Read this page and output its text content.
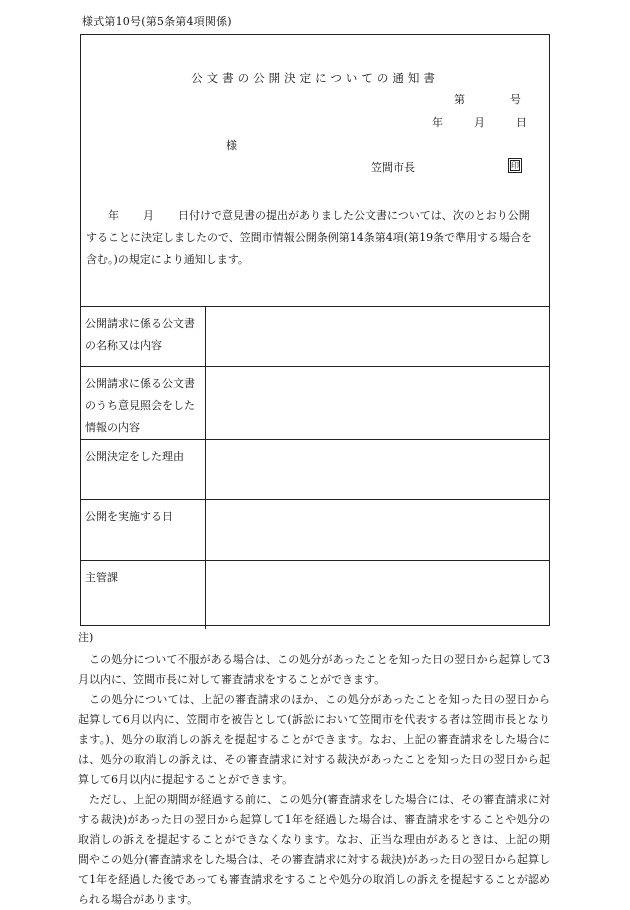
様式第10号(第5条第4項関係)
公文書の公開決定についての通知書
第	号
年	月	日
様
笠間市長	印

年 月 日付けで意見書の提出がありました公文書については、次のとおり公開

することに決定しましたので、笠間市情報公開条例第14条第4項(第19条で準用する場合を

含む。)の規定により通知します。

公開請求に係る公文書の名称又は内容	
公開請求に係る公文書のうち意見照会をした情報の内容	
公開決定をした理由	
公開を実施する日	
主管課	
注)

この処分について不服がある場合は、この処分があったことを知った日の翌日から起算して3月以内に、笠間市長に対して審査請求をすることができます。

この処分については、上記の審査請求のほか、この処分があったことを知った日の翌日から起算して6月以内に、笠間市を被告として(訴訟において笠間市を代表する者は笠間市長となります。)、処分の取消しの訴えを提起することができます。なお、上記の審査請求をした場合には、処分の取消しの訴えは、その審査請求に対する裁決があったことを知った日の翌日から起算して6月以内に提起することができます。

ただし、上記の期間が経過する前に、この処分(審査請求をした場合には、その審査請求に対する裁決)があった日の翌日から起算して1年を経過した場合は、審査請求をすることや処分の取消しの訴えを提起することができなくなります。なお、正当な理由があるときは、上記の期間やこの処分(審査請求をした場合は、その審査請求に対する裁決)があった日の翌日から起算して1年を経過した後であっても審査請求をすることや処分の取消しの訴えを提起することが認められる場合があります。
